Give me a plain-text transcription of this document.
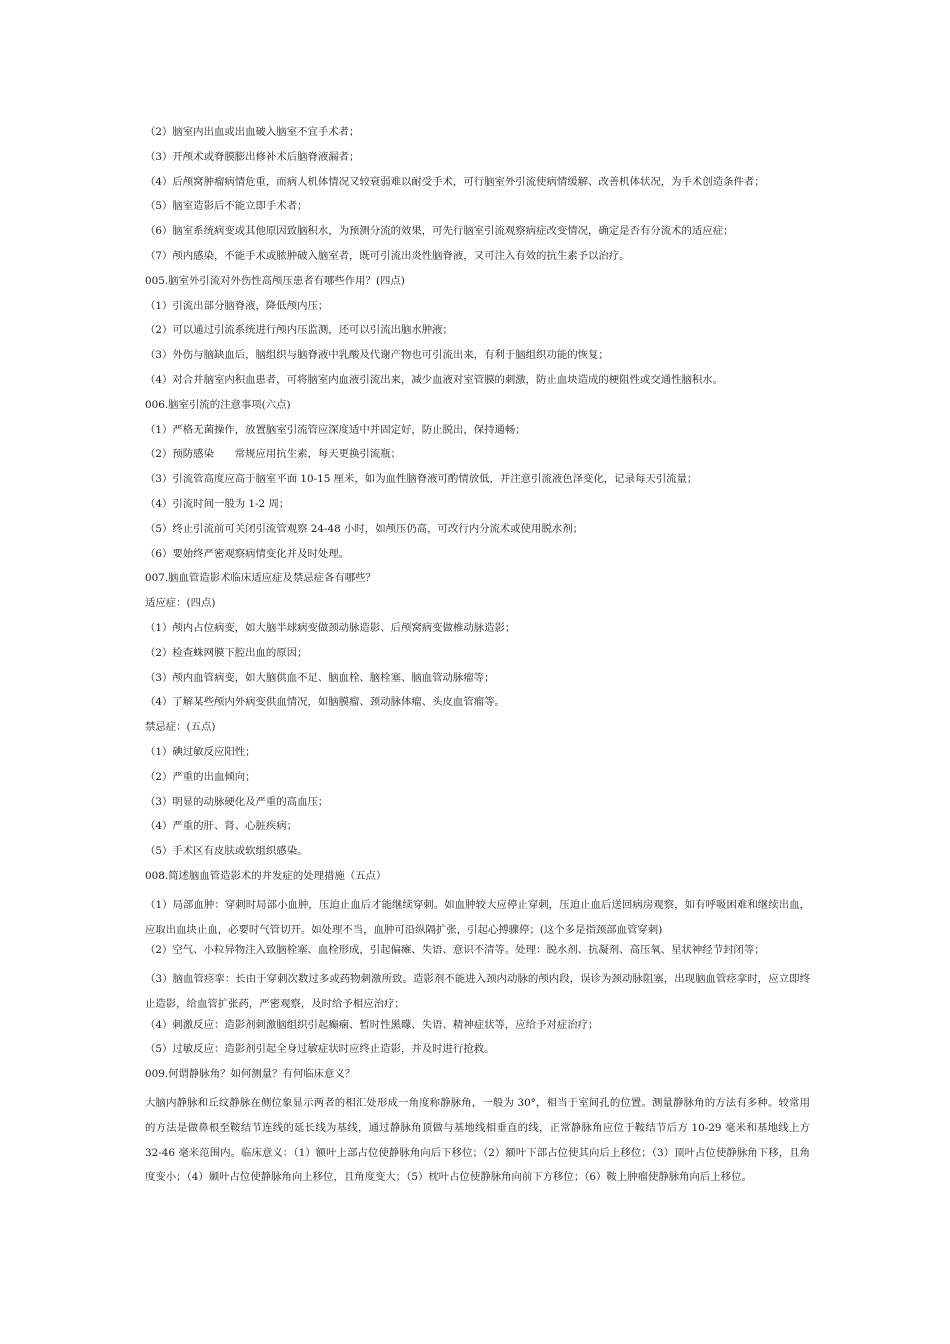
（2）脑室内出血或出血破入脑室不宜手术者；
（3）开颅术或脊膜膨出修补术后脑脊液漏者；
（4）后颅窝肿瘤病情危重，而病人机体情况又较衰弱难以耐受手术，可行脑室外引流使病情缓解、改善机体状况，为手术创造条件者；
（5）脑室造影后不能立即手术者；
（6）脑室系统病变或其他原因致脑积水，为预测分流的效果，可先行脑室引流观察病症改变情况，确定是否有分流术的适应症；
（7）颅内感染，不能手术或脓肿破入脑室者，既可引流出炎性脑脊液，又可注入有效的抗生素予以治疗。
005.脑室外引流对外伤性高颅压患者有哪些作用？(四点)
（1）引流出部分脑脊液，降低颅内压；
（2）可以通过引流系统进行颅内压监测，还可以引流出脑水肿液；
（3）外伤与脑缺血后，脑组织与脑脊液中乳酸及代谢产物也可引流出来，有利于脑组织功能的恢复；
（4）对合并脑室内积血患者，可将脑室内血液引流出来，减少血液对室管膜的刺激，防止血块造成的梗阻性或交通性脑积水。
006.脑室引流的注意事项(六点)
（1）严格无菌操作，放置脑室引流管应深度适中并固定好，防止脱出，保持通畅；
（2）预防感染　　常规应用抗生素，每天更换引流瓶；
（3）引流管高度应高于脑室平面 10-15 厘米，如为血性脑脊液可酌情放低，并注意引流液色泽变化，记录每天引流量；
（4）引流时间一般为 1-2 周；
（5）终止引流前可关闭引流管观察 24-48 小时，如颅压仍高，可改行内分流术或使用脱水剂；
（6）要始终严密观察病情变化并及时处理。
007.脑血管造影术临床适应症及禁忌症各有哪些？
适应症：(四点)
（1）颅内占位病变，如大脑半球病变做颈动脉造影、后颅窝病变做椎动脉造影；
（2）检查蛛网膜下腔出血的原因；
（3）颅内血管病变，如大脑供血不足、脑血栓、脑栓塞、脑血管动脉瘤等；
（4）了解某些颅内外病变供血情况，如脑膜瘤、颈动脉体瘤、头皮血管瘤等。
禁忌症：(五点)
（1）碘过敏反应阳性；
（2）严重的出血倾向；
（3）明显的动脉硬化及严重的高血压；
（4）严重的肝、肾、心脏疾病；
（5）手术区有皮肤或软组织感染。
008.简述脑血管造影术的并发症的处理措施（五点）
（1）局部血肿：穿刺时局部小血肿，压迫止血后才能继续穿刺。如血肿较大应停止穿刺，压迫止血后送回病房观察，如有呼吸困难和继续出血，应取出血块止血，必要时气管切开。如处理不当，血肿可沿纵隔扩张，引起心搏骤停；(这个多是指颈部血管穿刺)
（2）空气、小粒异物注入致脑栓塞、血栓形成，引起偏瘫、失语、意识不清等。处理：脱水剂、抗凝剂、高压氧、星状神经节封闭等；
（3）脑血管痉挛：长由于穿刺次数过多或药物刺激所致。造影剂不能进入颈内动脉的颅内段，误诊为颈动脉阻塞，出现脑血管痉挛时，应立即终止造影，给血管扩张药，严密观察，及时给予相应治疗；
（4）刺激反应：造影剂刺激脑组织引起癫痫、暂时性黑矇、失语、精神症状等，应给予对症治疗；
（5）过敏反应：造影剂引起全身过敏症状时应终止造影，并及时进行抢救。
009.何谓静脉角？如何测量？有何临床意义？
大脑内静脉和丘纹静脉在侧位象显示两者的相汇处形成一角度称静脉角，一般为 30°，相当于室间孔的位置。测量静脉角的方法有多种。较常用的方法是做鼻根至鞍结节连线的延长线为基线，通过静脉角顶做与基地线相垂直的线，正常静脉角应位于鞍结节后方 10-29 毫米和基地线上方 32-46 毫米范围内。临床意义：（1）额叶上部占位使静脉角向后下移位；（2）额叶下部占位使其向后上移位；（3）顶叶占位使静脉角下移，且角度变小；（4）颞叶占位使静脉角向上移位，且角度变大；（5）枕叶占位使静脉角向前下方移位；（6）鞍上肿瘤使静脉角向后上移位。
